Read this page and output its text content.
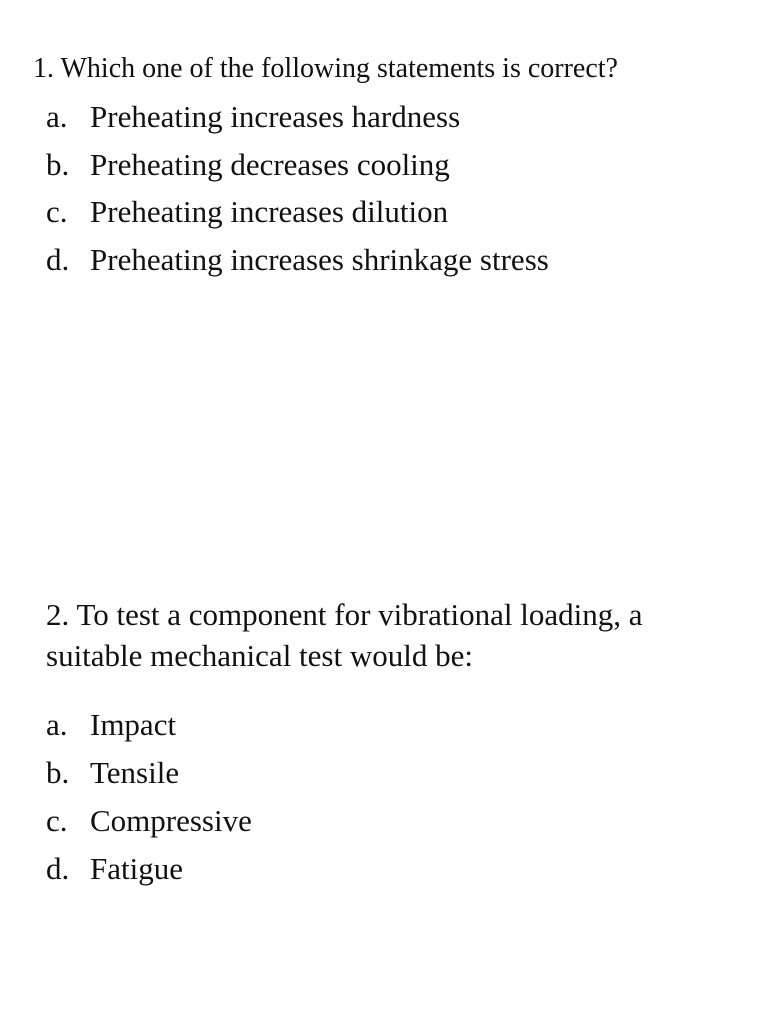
1. Which one of the following statements is correct?
a. Preheating increases hardness
b. Preheating decreases cooling
c. Preheating increases dilution
d. Preheating increases shrinkage stress
2. To test a component for vibrational loading, a suitable mechanical test would be:
a. Impact
b. Tensile
c. Compressive
d. Fatigue
